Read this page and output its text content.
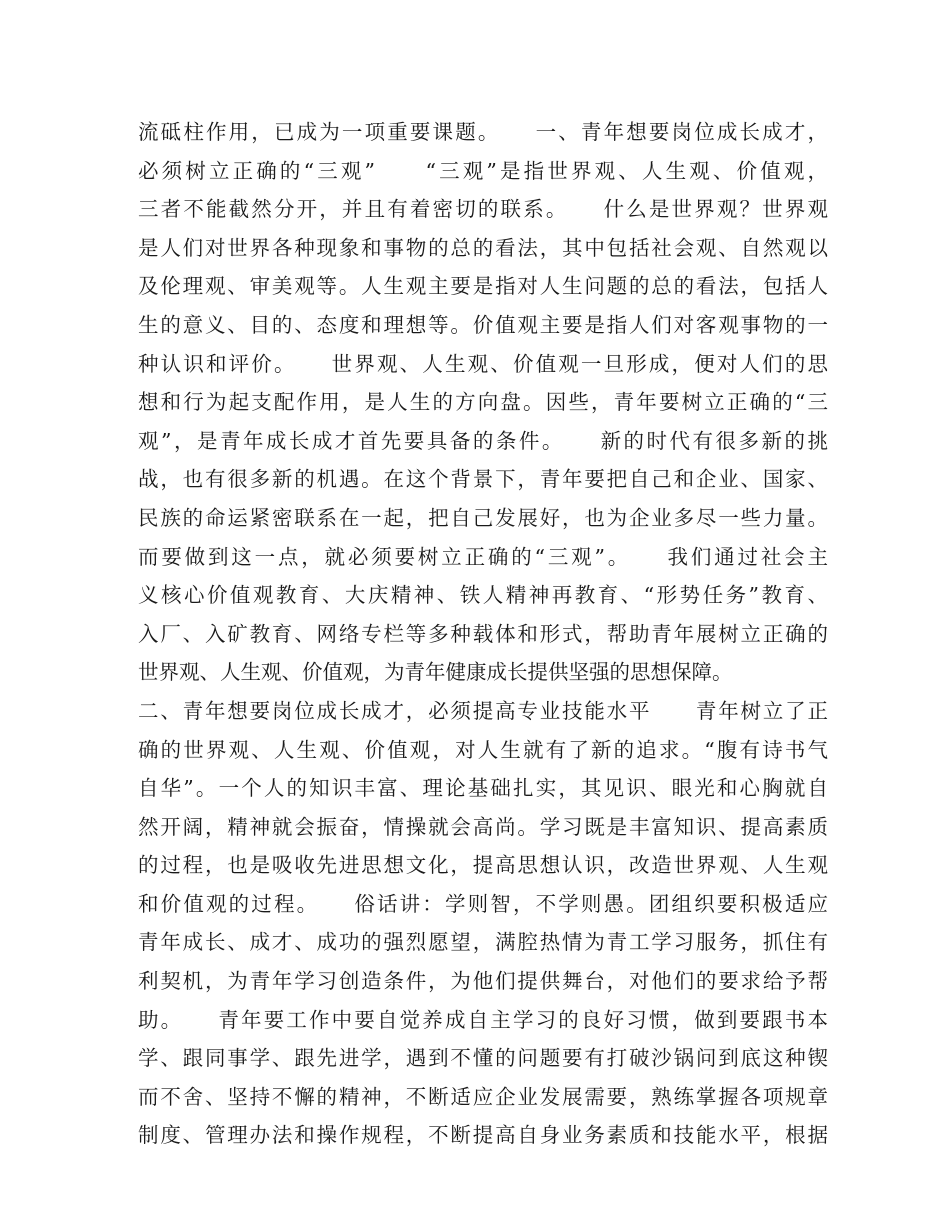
流砥柱作用，已成为一项重要课题。　　一、青年想要岗位成长成才，
必须树立正确的“三观”　　“三观”是指世界观、人生观、价值观，
三者不能截然分开，并且有着密切的联系。　　什么是世界观？世界观
是人们对世界各种现象和事物的总的看法，其中包括社会观、自然观以
及伦理观、审美观等。人生观主要是指对人生问题的总的看法，包括人
生的意义、目的、态度和理想等。价值观主要是指人们对客观事物的一
种认识和评价。　　世界观、人生观、价值观一旦形成，便对人们的思
想和行为起支配作用，是人生的方向盘。因些，青年要树立正确的“三
观”，是青年成长成才首先要具备的条件。　　新的时代有很多新的挑
战，也有很多新的机遇。在这个背景下，青年要把自己和企业、国家、
民族的命运紧密联系在一起，把自己发展好，也为企业多尽一些力量。
而要做到这一点，就必须要树立正确的“三观”。　　我们通过社会主
义核心价值观教育、大庆精神、铁人精神再教育、“形势任务”教育、
入厂、入矿教育、网络专栏等多种载体和形式，帮助青年展树立正确的
世界观、人生观、价值观，为青年健康成长提供坚强的思想保障。
二、青年想要岗位成长成才，必须提高专业技能水平　　青年树立了正
确的世界观、人生观、价值观，对人生就有了新的追求。“腹有诗书气
自华”。一个人的知识丰富、理论基础扎实，其见识、眼光和心胸就自
然开阔，精神就会振奋，情操就会高尚。学习既是丰富知识、提高素质
的过程，也是吸收先进思想文化，提高思想认识，改造世界观、人生观
和价值观的过程。　　俗话讲：学则智，不学则愚。团组织要积极适应
青年成长、成才、成功的强烈愿望，满腔热情为青工学习服务，抓住有
利契机，为青年学习创造条件，为他们提供舞台，对他们的要求给予帮
助。　　青年要工作中要自觉养成自主学习的良好习惯，做到要跟书本
学、跟同事学、跟先进学，遇到不懂的问题要有打破沙锅问到底这种锲
而不舍、坚持不懈的精神，不断适应企业发展需要，熟练掌握各项规章
制度、管理办法和操作规程，不断提高自身业务素质和技能水平，根据
